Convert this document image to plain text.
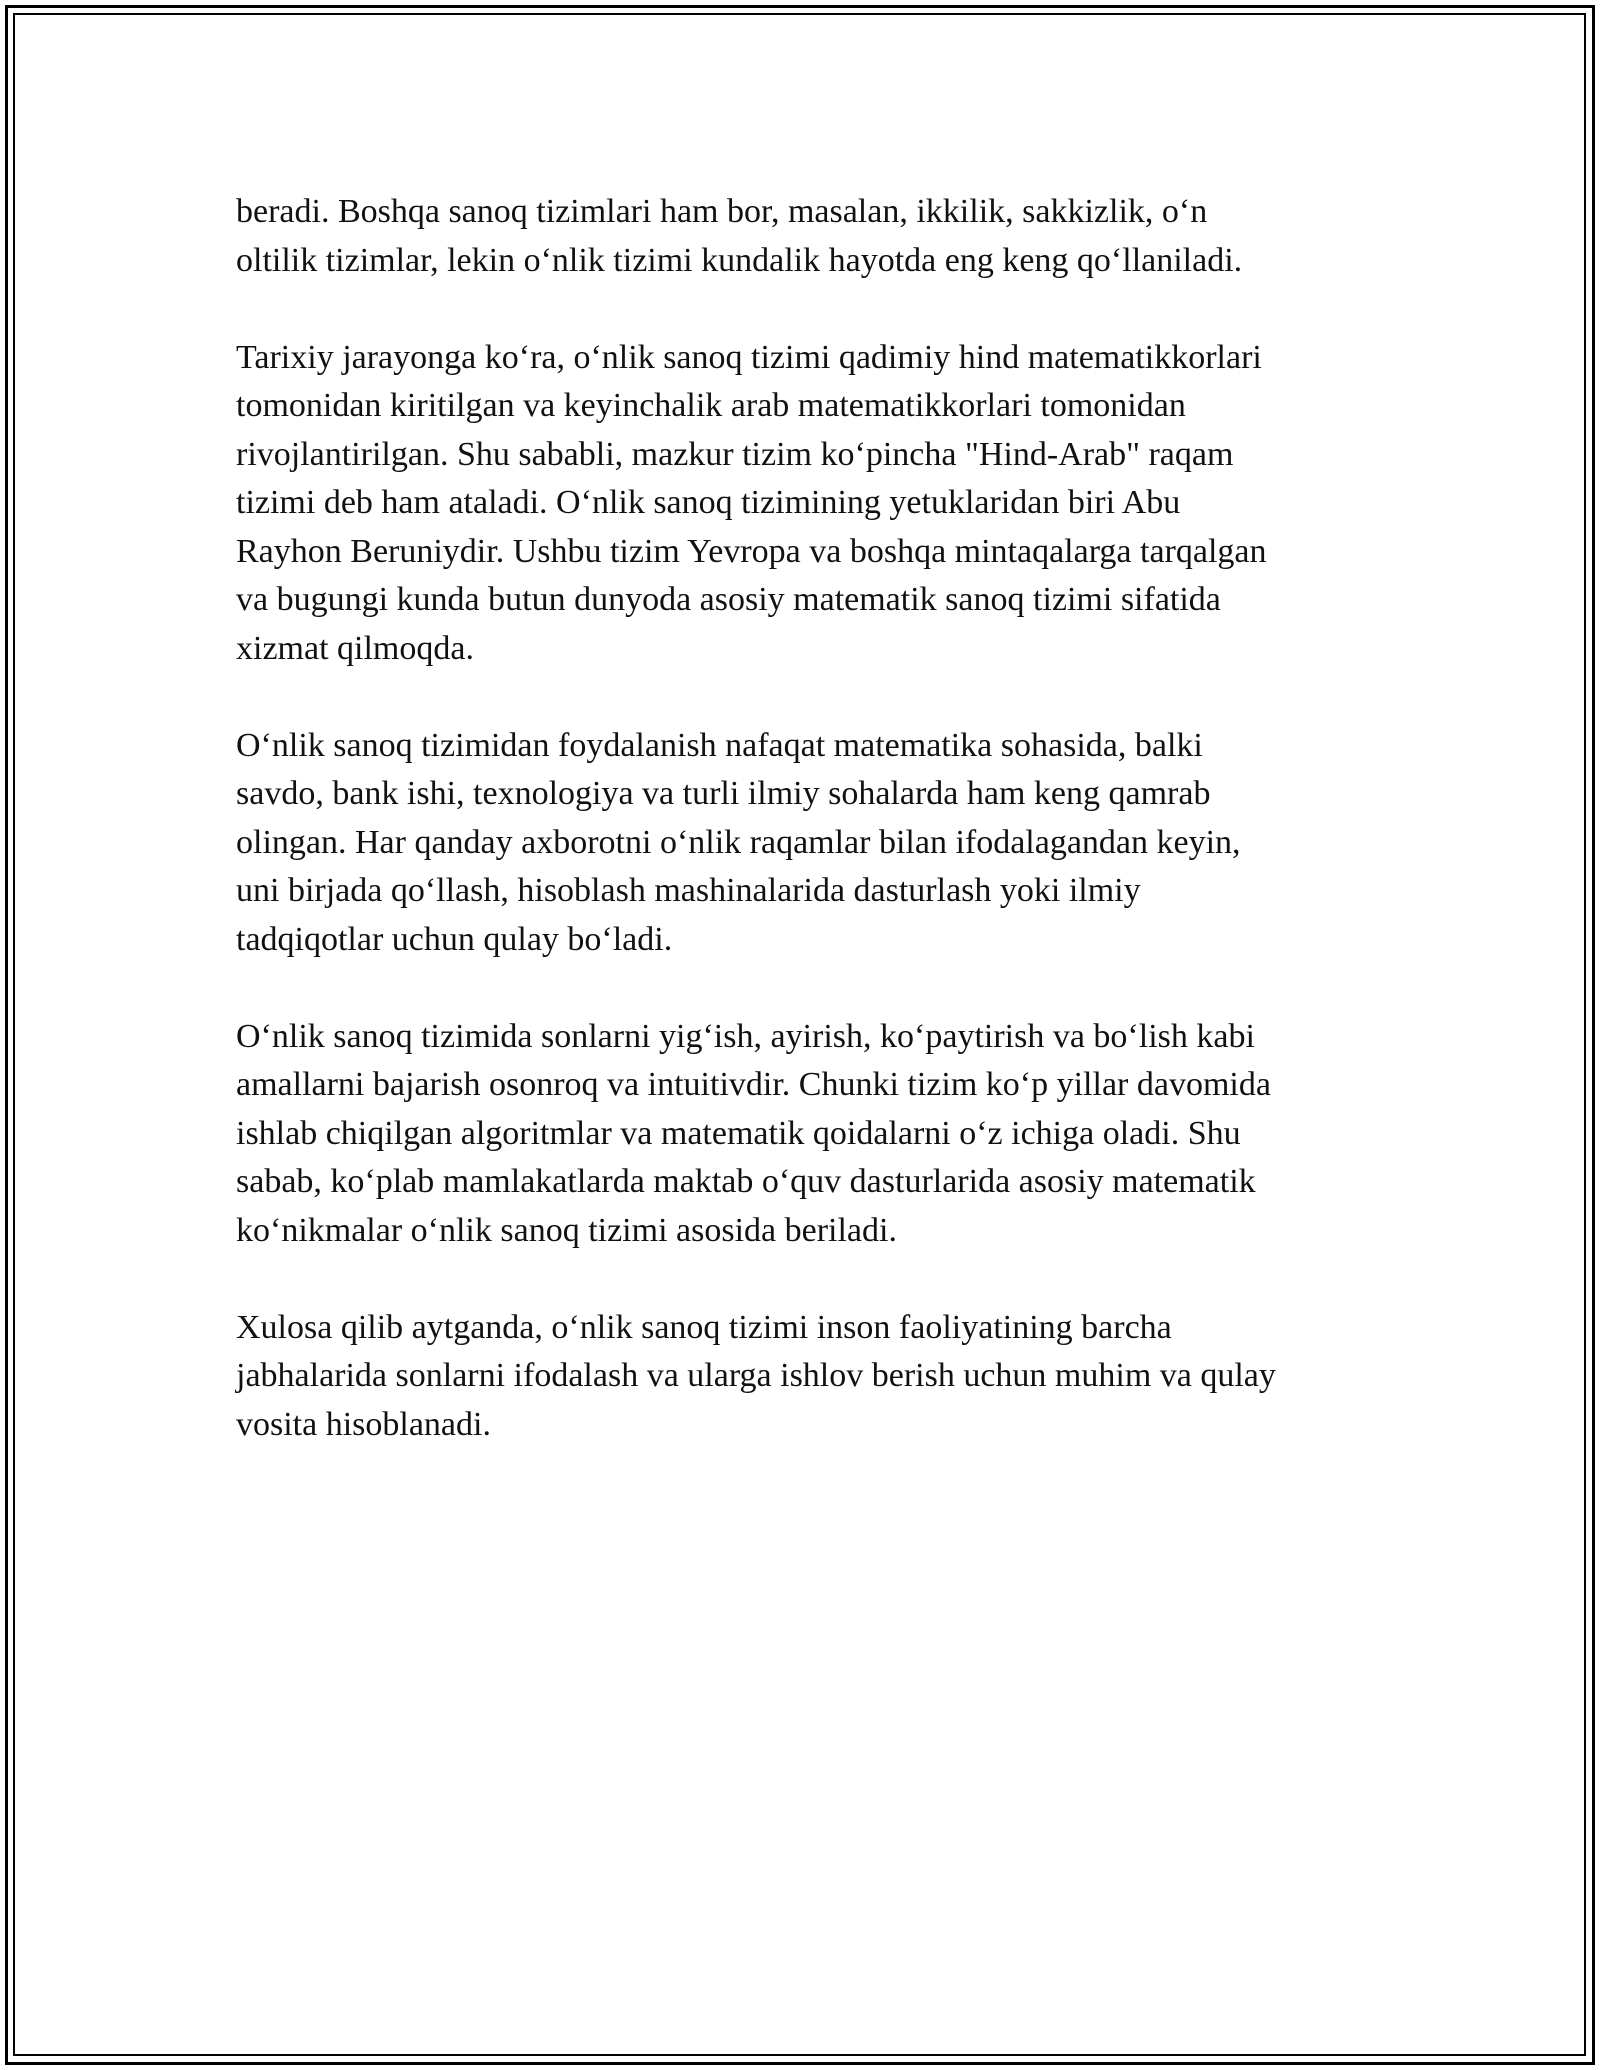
beradi. Boshqa sanoq tizimlari ham bor, masalan, ikkilik, sakkizlik, o‘n
oltilik tizimlar, lekin o‘nlik tizimi kundalik hayotda eng keng qo‘llaniladi.

Tarixiy jarayonga ko‘ra, o‘nlik sanoq tizimi qadimiy hind matematikkorlari
tomonidan kiritilgan va keyinchalik arab matematikkorlari tomonidan
rivojlantirilgan. Shu sababli, mazkur tizim ko‘pincha "Hind-Arab" raqam
tizimi deb ham ataladi. O‘nlik sanoq tizimining yetuklaridan biri Abu
Rayhon Beruniydir. Ushbu tizim Yevropa va boshqa mintaqalarga tarqalgan
va bugungi kunda butun dunyoda asosiy matematik sanoq tizimi sifatida
xizmat qilmoqda.

O‘nlik sanoq tizimidan foydalanish nafaqat matematika sohasida, balki
savdo, bank ishi, texnologiya va turli ilmiy sohalarda ham keng qamrab
olingan. Har qanday axborotni o‘nlik raqamlar bilan ifodalagandan keyin,
uni birjada qo‘llash, hisoblash mashinalarida dasturlash yoki ilmiy
tadqiqotlar uchun qulay bo‘ladi.

O‘nlik sanoq tizimida sonlarni yig‘ish, ayirish, ko‘paytirish va bo‘lish kabi
amallarni bajarish osonroq va intuitivdir. Chunki tizim ko‘p yillar davomida
ishlab chiqilgan algoritmlar va matematik qoidalarni o‘z ichiga oladi. Shu
sabab, ko‘plab mamlakatlarda maktab o‘quv dasturlarida asosiy matematik
ko‘nikmalar o‘nlik sanoq tizimi asosida beriladi.

Xulosa qilib aytganda, o‘nlik sanoq tizimi inson faoliyatining barcha
jabhalarida sonlarni ifodalash va ularga ishlov berish uchun muhim va qulay
vosita hisoblanadi.
